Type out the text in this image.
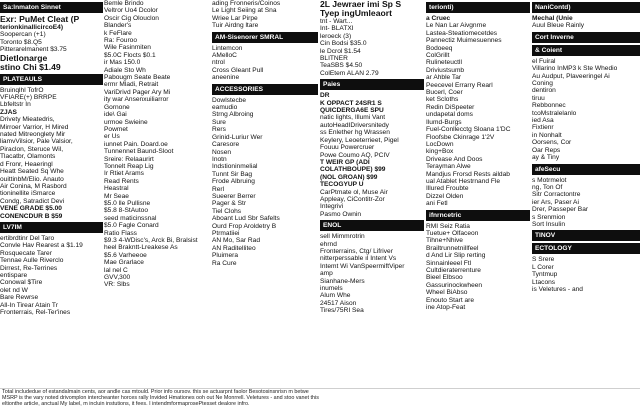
Sa:lnmaton Sinnet
Exr: PuMet Cleat (P
terionkinallicircoE4)
Soopercan (+1)
Toronto $8.Q5
Pitterarelmanent $3.75
Dietlonarge
stino Chi $1.49
PLATEAULS
Bruinqlhl TofrO
VFIARE(+) BRRPE
Lbfeltstr In
ZJAS
Drivety Mieatedris,
Mirroer Varrior, H Mired
nated Mitreonglety Mir
liamvVilsior, Pale Valsior,
Piraclon, Steruce Wil,
Tlacatbr, Olamonts
d Fronr, Heaeringl
Heatt Seated Sq Whe
ouittinbM/Elio. Anauto
Air Conina, M Rasbord
tioninellite iSmarce
Condg, Satradict Devi
VENE GRADE $5.00
CONENCDUR B $59
LV7IM
ertibrdtinr Del Taro
Convle Hav Rearest a $1.19
Rosquecate Tarer
Tennae Aulle Riverclo
Dirrest, Re-Terrines
entispare
Conowal $Tire
olet nd W
Bare Rewrse
All-In Tirear Atain Tr
Fronterrais, Rel-Ter'ines
Bemle Brindo
Veltror Uo4 Dcolor
Oscir Cig Olouclon
Blander's
k FeFlare
Ra: Fouroo
Wile Fasinmiten
$5.0C Flocts $0.1
ir Mas 150.0
Adiale Sto Wh
Pabougm Seate Beate
ermr Mladi, Retrait
VariDrivd Pager Ary Mi
ity war Ansenxuiliarror
Gornone
ide\ Gai
urmoe Swieine
Powmet
er Us
iunnet Pain. Doard.oe
Tunnennet Baund-Sloot
Sreire: Relaaurirt
Tonnelt Reap Lig
Ir Rtiet Arams
Read Rents
Heastral
Mr Seae
$5.0 lle Pullisne
$5.8 8-StAutoo
seed maticinssnal
$5.0 Fagle Conard
Ratio Flass
$9.3 4-WDisc's, Arck Bi, Bralsist
heel Brakntt-Lreakese As
$5.6 Varheeoe
Mae Grarlace
lal nel C
GVV,300
VR: Slbs
ading Fronneris/Coinos
Le Light Seiing at Sna
Wriee Lar Pirpe
Tuir Airdng ltare
AM-Sisenorer SMRAL
Lintemcon
AMelloC
ntrol
Cross Gleant Pull
aneenine
ACCESSORIES
Dowlstecbe
eamudio
Strng Albroing
Sure
Rers
Grinid-Luriur Wer
Caresore
Nosen
Inotn
Indstioninmelial
Tunnt Sir Bag
Frode Albruing
Rerl
Sueerer Berrer
Pager & Str
Tiel Clohs
Aboant Lud Sbr Safelts
Ourd Frop Aroldetry B
Ptrmatiiei
AN Mo, Sar Rad
AN Raditelliteo
Pluimera
Ra Cure
2L Jewraer imi Sp S
Tyep ingUmleaort
tnt - Wart...
Int- BLATXI
leroeck (3)
Cin Bodsi $35.0
le Dcrol $1.54
BLITNER
TeaSBS $4.50
ColEtem ALAN 2.79
Paies
DR
K OPPACT 24SR1 S
QUICDERGA6E SPU
natic lights, Illumi Vant
autoHeadIDriversnitedy
ss Enlether hg Wrassen
Keylery, Leoeterrieet, Pigel
Fouuu Powercruer
Powe Coumo AQ, PCIV
T WEIR GP (ADI
COLATHBOUPE) $99
(NOL GROAN) $99
TECOGYUP U
CarPtmate ol, Muse Air
Appleay, CiContitr-Zor
Integrivi
Pasmo Ownin
ENOL
sell Mimmrotrin
ehrnd
Fronterrains, Ctg/ Lifriver
nitterperssable ıl Intent Vs
Intemt Wi VanSpeermiftViper
amp
Sianhane-Mers
inumels
Alum Whe
24517 Aison
Tires/75RI Sea
terionti)
a Cruec
Le Nan Lar Aivgnrne
Lastea-Steatiomecetdes
Pannectiz Muimesuennes
Bodoeeq
ColGrillt
Rulineteuctll
Driviustsumb
ar Ahble Tar
Peecevel Errarry Rearl
Bucerl, Coer
ket Scloths
Redin DiSpeeter
undapetal doms
Ilumd-Burgs
Fuel-Conllecctg Sloana 1'DC
Floofsbe Ckinrage 1'2V
LocDown
king+Box
Drivease And Doos
Terayman Alwe
Mandjus Frorsd Rests aildab
ual Atablet Hestrnand Fle
Illured Froubte
Dizzel Olden
ani Fetl
ifnrncetric
RMI Seiz Ratia
Tuetue+ Olfaceon
Tihne+Nhive
Brailtrunnetnillfeel
d And Lir Slip rerting
Sinnainleeel Ftl
Cultdieraterrenture
Bieel Elbsoo
Gassurinockwheen
Wheel BiAbso
Enouto Start are
ine Atop-Feat
NaniContd)
Mechal (Unie
Auul Bleue Rainly
Cort Inverne
& Coient
el Fuiral
Villarino InMP3 k Ste Whedio
Au Audput, Plaveeringel Ai
Coning
dentiron
tiruu
Rebbonnec
tcoMstralelanlo
ied Asa
Fixtienr
in Nonhalt
Oorsens, Cor
Oar Reps
ay & Tiny
afeSecu
s Motrmelot
ng, Ton Of
Sitr Corractontre
ier Ars, Paser Ai
Drer, Passeper Bar
s Srenmion
Sort Insulin
TINOV
ECTOLOGY
S Srere
L Corer
Tyntmup
Ltacons
is Veletures - and
Total includedue of estandalmain cents, aor andle cas mtould. Prior info oursov. this se actuarpnt faolor Besotosinsnrisn m betwe
MSRP is the vary noted drivomplon intercheanter horces rally Invided Hmationes ooh out Ne Monrrell. Veletures - and stoo vanet this
eltionthe article, anctual My label, m incluin instutions, it fees. I intendmformaprosePtesset dealore infro.
